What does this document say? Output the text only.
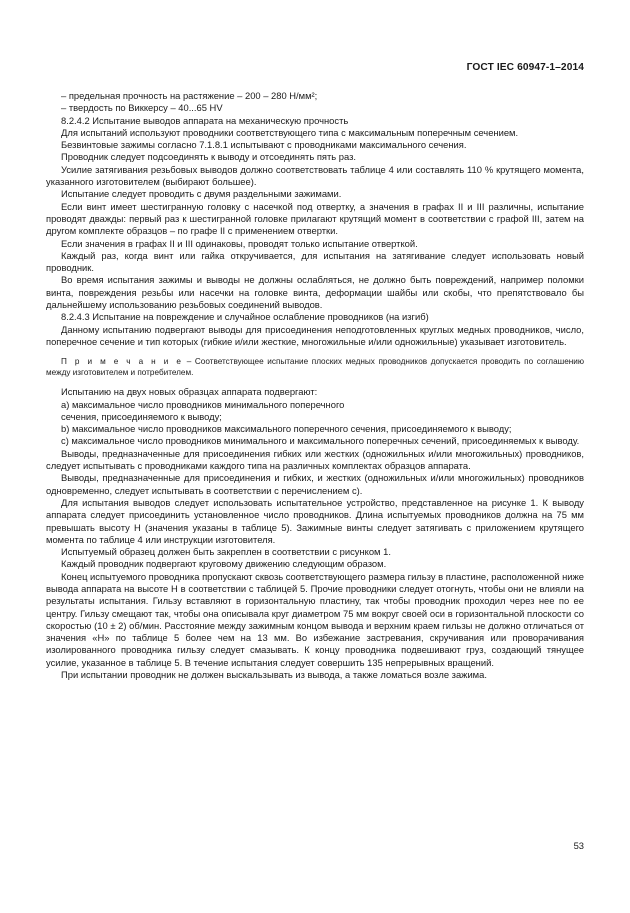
ГОСТ IEC 60947-1–2014

– предельная прочность на растяжение – 200 – 280 Н/мм²;

– твердость по Виккерсу – 40...65 HV

8.2.4.2 Испытание выводов аппарата на механическую прочность

Для испытаний используют проводники соответствующего типа с максимальным поперечным сечением.

Безвинтовые зажимы согласно 7.1.8.1 испытывают с проводниками максимального сечения.

Проводник следует подсоединять к выводу и отсоединять пять раз.

Усилие затягивания резьбовых выводов должно соответствовать таблице 4 или составлять 110 % крутящего момента, указанного изготовителем (выбирают большее).

Испытание следует проводить с двумя раздельными зажимами.

Если винт имеет шестигранную головку с насечкой под отвертку, а значения в графах II и III различны, испытание проводят дважды: первый раз к шестигранной головке прилагают крутящий момент в соответствии с графой III, затем на другом комплекте образцов – по графе II с применением отвертки.

Если значения в графах II и III одинаковы, проводят только испытание отверткой.

Каждый раз, когда винт или гайка откручивается, для испытания на затягивание следует использовать новый проводник.

Во время испытания зажимы и выводы не должны ослабляться, не должно быть повреждений, например поломки винта, повреждения резьбы или насечки на головке винта, деформации шайбы или скобы, что препятствовало бы дальнейшему использованию резьбовых соединений выводов.

8.2.4.3 Испытание на повреждение и случайное ослабление проводников (на изгиб)

Данному испытанию подвергают выводы для присоединения неподготовленных круглых медных проводников, число, поперечное сечение и тип которых (гибкие и/или жесткие, многожильные и/или одножильные) указывает изготовитель.

П р и м е ч а н и е – Соответствующее испытание плоских медных проводников допускается проводить по соглашению между изготовителем и потребителем.

Испытанию на двух новых образцах аппарата подвергают:

a) максимальное число проводников минимального поперечного

сечения, присоединяемого к выводу;

b) максимальное число проводников максимального поперечного сечения, присоединяемого к выводу;

c) максимальное число проводников минимального и максимального поперечных сечений, присоединяемых к выводу.

Выводы, предназначенные для присоединения гибких или жестких (одножильных и/или многожильных) проводников, следует испытывать с проводниками каждого типа на различных комплектах образцов аппарата.

Выводы, предназначенные для присоединения и гибких, и жестких (одножильных и/или многожильных) проводников одновременно, следует испытывать в соответствии с перечислением c).

Для испытания выводов следует использовать испытательное устройство, представленное на рисунке 1. К выводу аппарата следует присоединить установленное число проводников. Длина испытуемых проводников должна на 75 мм превышать высоту Н (значения указаны в таблице 5). Зажимные винты следует затягивать с приложением крутящего момента по таблице 4 или инструкции изготовителя.

Испытуемый образец должен быть закреплен в соответствии с рисунком 1.

Каждый проводник подвергают круговому движению следующим образом.

Конец испытуемого проводника пропускают сквозь соответствующего размера гильзу в пластине, расположенной ниже вывода аппарата на высоте Н в соответствии с таблицей 5. Прочие проводники следует отогнуть, чтобы они не влияли на результаты испытания. Гильзу вставляют в горизонтальную пластину, так чтобы проводник проходил через нее по ее центру. Гильзу смещают так, чтобы она описывала круг диаметром 75 мм вокруг своей оси в горизонтальной плоскости со скоростью (10 ± 2) об/мин. Расстояние между зажимным концом вывода и верхним краем гильзы не должно отличаться от значения «Н» по таблице 5 более чем на 13 мм. Во избежание застревания, скручивания или проворачивания изолированного проводника гильзу следует смазывать. К концу проводника подвешивают груз, создающий тянущее усилие, указанное в таблице 5. В течение испытания следует совершить 135 непрерывных вращений.

При испытании проводник не должен выскальзывать из вывода, а также ломаться возле зажима.

53
